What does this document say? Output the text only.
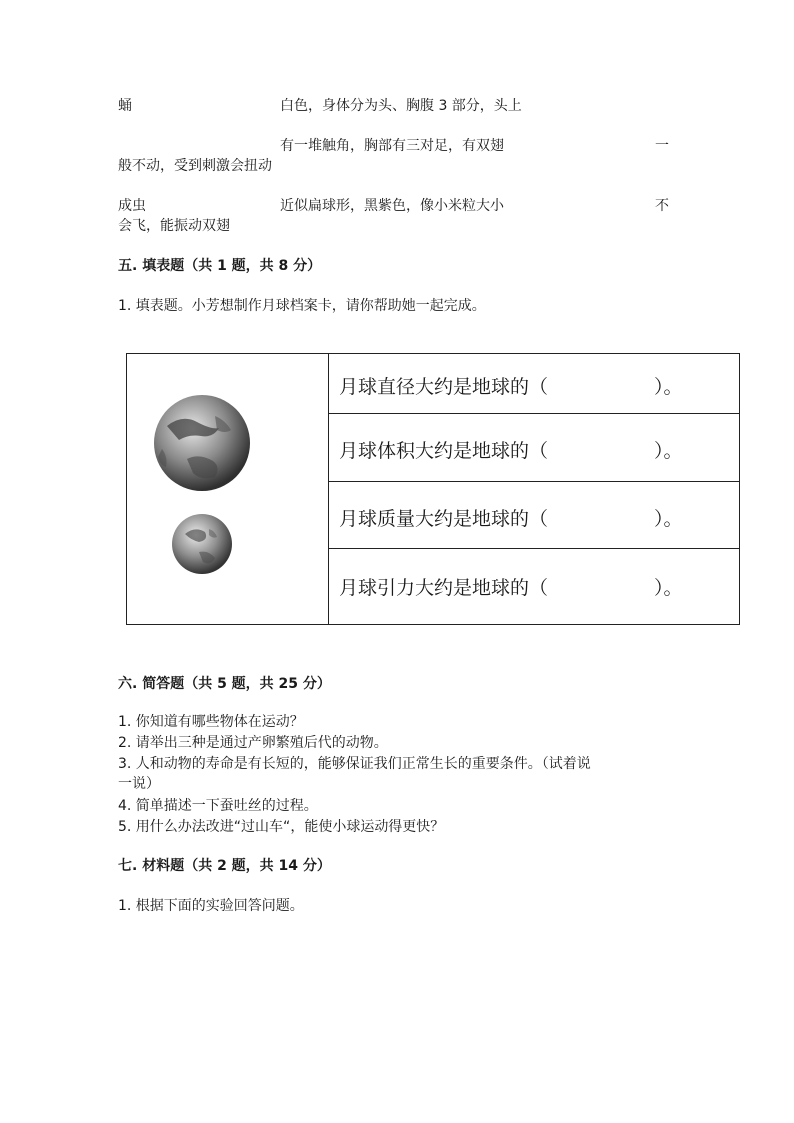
蛹	白色，身体分为头、胸腹 3 部分，头上
有一堆触角，胸部有三对足，有双翅	一
般不动，受到刺激会扭动
成虫	近似扁球形，黑紫色，像小米粒大小	不
会飞，能振动双翅
五. 填表题（共 1 题，共 8 分）
1. 填表题。小芳想制作月球档案卡，请你帮助她一起完成。
月球直径大约是地球的（	）。
月球体积大约是地球的（	）。
月球质量大约是地球的（	）。
月球引力大约是地球的（	）。
六. 简答题（共 5 题，共 25 分）
1. 你知道有哪些物体在运动？
2. 请举出三种是通过产卵繁殖后代的动物。
3. 人和动物的寿命是有长短的，能够保证我们正常生长的重要条件。（试着说
一说）
4. 简单描述一下蚕吐丝的过程。
5. 用什么办法改进“过山车“，能使小球运动得更快？
七. 材料题（共 2 题，共 14 分）
1. 根据下面的实验回答问题。
